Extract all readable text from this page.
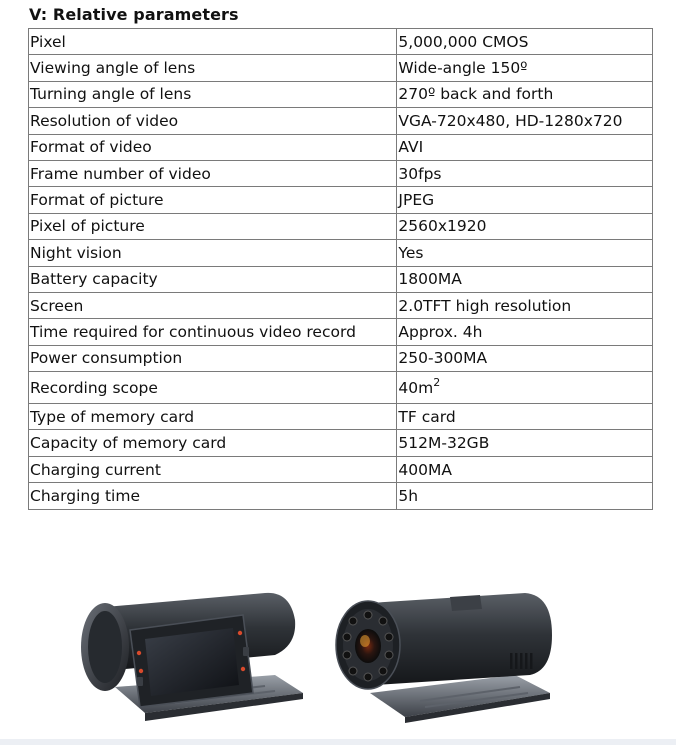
V: Relative parameters
Pixel	5,000,000 CMOS
Viewing angle of lens	Wide-angle 150º
Turning angle of lens	270º back and forth
Resolution of video	VGA-720x480, HD-1280x720
Format of video	AVI
Frame number of video	30fps
Format of picture	JPEG
Pixel of picture	2560x1920
Night vision	Yes
Battery capacity	1800MA
Screen	2.0TFT high resolution
Time required for continuous video record	Approx. 4h
Power consumption	250-300MA
Recording scope	$40m^2$
Type of memory card	TF card
Capacity of memory card	512M-32GB
Charging current	400MA
Charging time	5h
